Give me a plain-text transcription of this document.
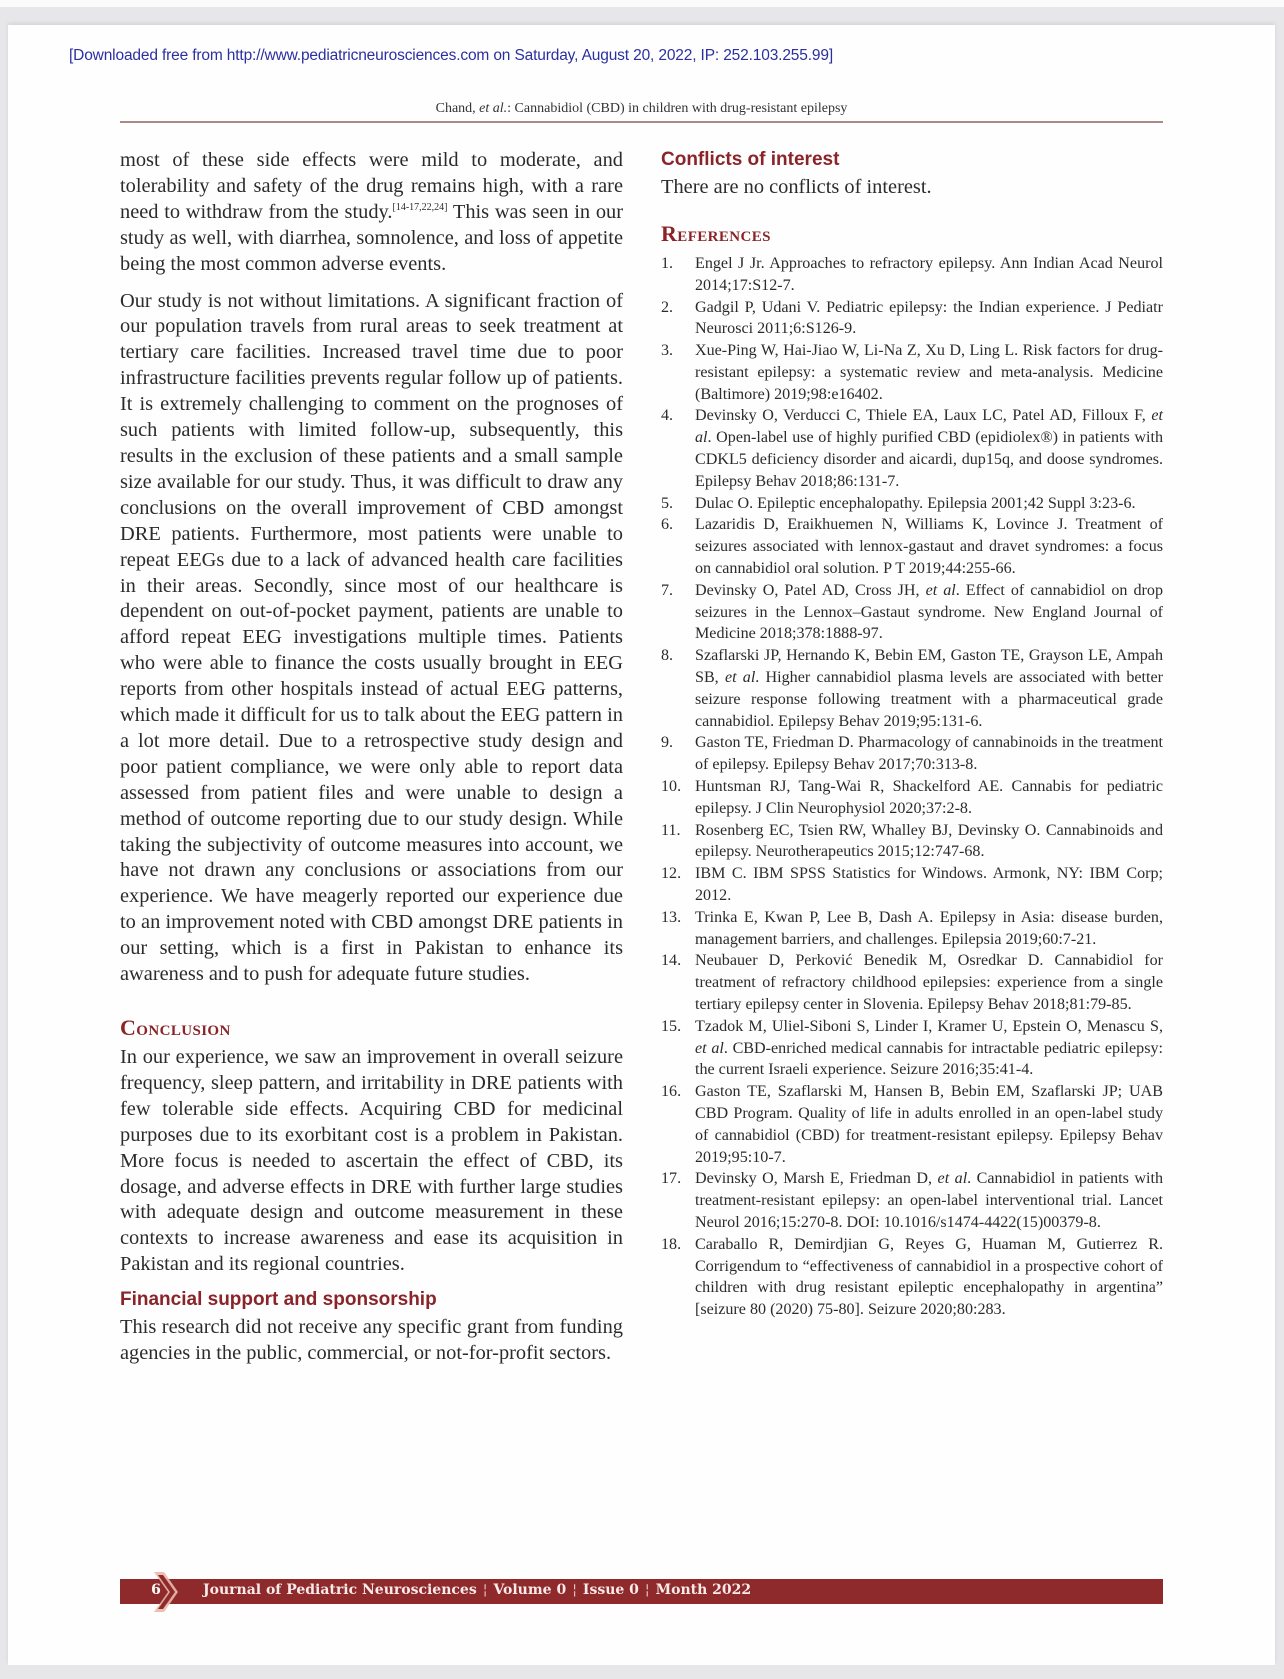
[Downloaded free from http://www.pediatricneurosciences.com on Saturday, August 20, 2022, IP: 252.103.255.99]
Chand, et al.: Cannabidiol (CBD) in children with drug-resistant epilepsy

most of these side effects were mild to moderate, and tolerability and safety of the drug remains high, with a rare need to withdraw from the study.[14-17,22,24] This was seen in our study as well, with diarrhea, somnolence, and loss of appetite being the most common adverse events.

Our study is not without limitations. A significant fraction of our population travels from rural areas to seek treatment at tertiary care facilities. Increased travel time due to poor infrastructure facilities prevents regular follow up of patients. It is extremely challenging to comment on the prognoses of such patients with limited follow-up, subsequently, this results in the exclusion of these patients and a small sample size available for our study. Thus, it was difficult to draw any conclusions on the overall improvement of CBD amongst DRE patients. Furthermore, most patients were unable to repeat EEGs due to a lack of advanced health care facilities in their areas. Secondly, since most of our healthcare is dependent on out-of-pocket payment, patients are unable to afford repeat EEG investigations multiple times. Patients who were able to finance the costs usually brought in EEG reports from other hospitals instead of actual EEG patterns, which made it difficult for us to talk about the EEG pattern in a lot more detail. Due to a retrospective study design and poor patient compliance, we were only able to report data assessed from patient files and were unable to design a method of outcome reporting due to our study design. While taking the subjectivity of outcome measures into account, we have not drawn any conclusions or associations from our experience. We have meagerly reported our experience due to an improvement noted with CBD amongst DRE patients in our setting, which is a first in Pakistan to enhance its awareness and to push for adequate future studies.

Conclusion

In our experience, we saw an improvement in overall seizure frequency, sleep pattern, and irritability in DRE patients with few tolerable side effects. Acquiring CBD for medicinal purposes due to its exorbitant cost is a problem in Pakistan. More focus is needed to ascertain the effect of CBD, its dosage, and adverse effects in DRE with further large studies with adequate design and outcome measurement in these contexts to increase awareness and ease its acquisition in Pakistan and its regional countries.

Financial support and sponsorship

This research did not receive any specific grant from funding agencies in the public, commercial, or not-for-profit sectors.

Conflicts of interest

There are no conflicts of interest.

References
1.	Engel J Jr. Approaches to refractory epilepsy. Ann Indian Acad Neurol 2014;17:S12-7.
2.	Gadgil P, Udani V. Pediatric epilepsy: the Indian experience. J Pediatr Neurosci 2011;6:S126-9.
3.	Xue-Ping W, Hai-Jiao W, Li-Na Z, Xu D, Ling L. Risk factors for drug-resistant epilepsy: a systematic review and meta-analysis. Medicine (Baltimore) 2019;98:e16402.
4.	Devinsky O, Verducci C, Thiele EA, Laux LC, Patel AD, Filloux F, et al. Open-label use of highly purified CBD (epidiolex®) in patients with CDKL5 deficiency disorder and aicardi, dup15q, and doose syndromes. Epilepsy Behav 2018;86:131-7.
5.	Dulac O. Epileptic encephalopathy. Epilepsia 2001;42 Suppl 3:23-6.
6.	Lazaridis D, Eraikhuemen N, Williams K, Lovince J. Treatment of seizures associated with lennox-gastaut and dravet syndromes: a focus on cannabidiol oral solution. P T 2019;44:255-66.
7.	Devinsky O, Patel AD, Cross JH, et al. Effect of cannabidiol on drop seizures in the Lennox–Gastaut syndrome. New England Journal of Medicine 2018;378:1888-97.
8.	Szaflarski JP, Hernando K, Bebin EM, Gaston TE, Grayson LE, Ampah SB, et al. Higher cannabidiol plasma levels are associated with better seizure response following treatment with a pharmaceutical grade cannabidiol. Epilepsy Behav 2019;95:131-6.
9.	Gaston TE, Friedman D. Pharmacology of cannabinoids in the treatment of epilepsy. Epilepsy Behav 2017;70:313-8.
10. Huntsman RJ, Tang-Wai R, Shackelford AE. Cannabis for pediatric epilepsy. J Clin Neurophysiol 2020;37:2-8.
11. Rosenberg EC, Tsien RW, Whalley BJ, Devinsky O. Cannabinoids and epilepsy. Neurotherapeutics 2015;12:747-68.
12. IBM C. IBM SPSS Statistics for Windows. Armonk, NY: IBM Corp; 2012.
13. Trinka E, Kwan P, Lee B, Dash A. Epilepsy in Asia: disease burden, management barriers, and challenges. Epilepsia 2019;60:7-21.
14. Neubauer D, Perković Benedik M, Osredkar D. Cannabidiol for treatment of refractory childhood epilepsies: experience from a single tertiary epilepsy center in Slovenia. Epilepsy Behav 2018;81:79-85.
15. Tzadok M, Uliel-Siboni S, Linder I, Kramer U, Epstein O, Menascu S, et al. CBD-enriched medical cannabis for intractable pediatric epilepsy: the current Israeli experience. Seizure 2016;35:41-4.
16. Gaston TE, Szaflarski M, Hansen B, Bebin EM, Szaflarski JP; UAB CBD Program. Quality of life in adults enrolled in an open-label study of cannabidiol (CBD) for treatment-resistant epilepsy. Epilepsy Behav 2019;95:10-7.
17. Devinsky O, Marsh E, Friedman D, et al. Cannabidiol in patients with treatment-resistant epilepsy: an open-label interventional trial. Lancet Neurol 2016;15:270-8. DOI: 10.1016/s1474-4422(15)00379-8.
18. Caraballo R, Demirdjian G, Reyes G, Huaman M, Gutierrez R. Corrigendum to “effectiveness of cannabidiol in a prospective cohort of children with drug resistant epileptic encephalopathy in argentina” [seizure 80 (2020) 75-80]. Seizure 2020;80:283.
6	Journal of Pediatric Neurosciences ¦ Volume 0 ¦ Issue 0 ¦ Month 2022
